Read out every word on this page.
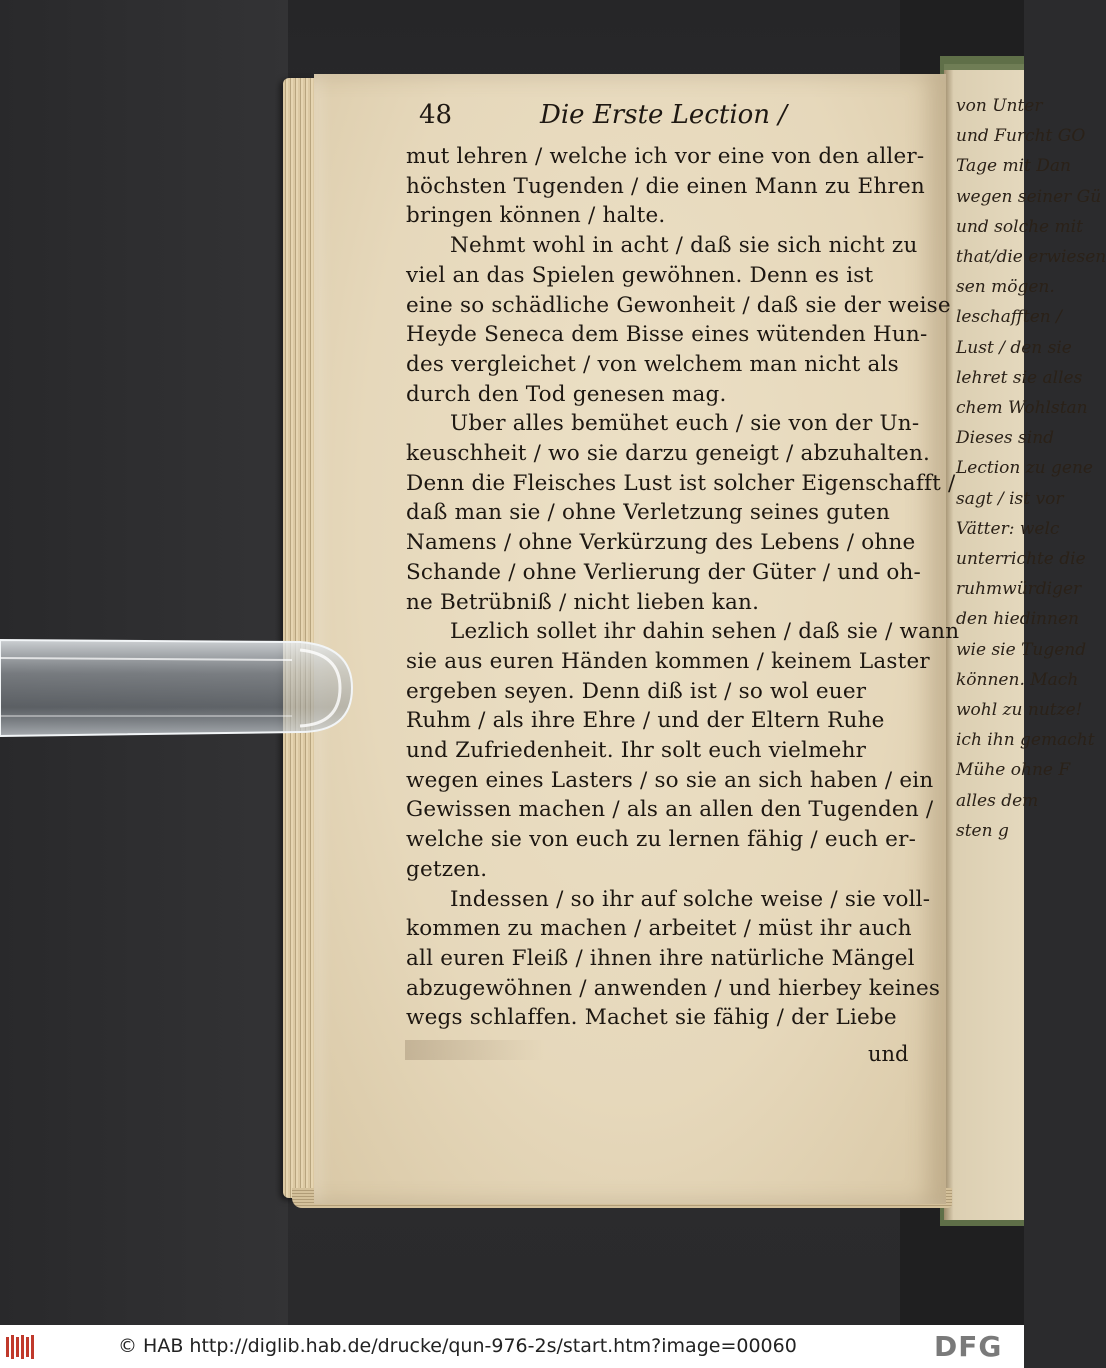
48	Die Erste Lection /
mut lehren / welche ich vor eine von den aller-
höchsten Tugenden / die einen Mann zu Ehren
bringen können / halte.
Nehmt wohl in acht / daß sie sich nicht zu
viel an das Spielen gewöhnen. Denn es ist
eine so schädliche Gewonheit / daß sie der weise
Heyde Seneca dem Bisse eines wütenden Hun-
des vergleichet / von welchem man nicht als
durch den Tod genesen mag.
Uber alles bemühet euch / sie von der Un-
keuschheit / wo sie darzu geneigt / abzuhalten.
Denn die Fleisches Lust ist solcher Eigenschafft /
daß man sie / ohne Verletzung seines guten
Namens / ohne Verkürzung des Lebens / ohne
Schande / ohne Verlierung der Güter / und oh-
ne Betrübniß / nicht lieben kan.
Lezlich sollet ihr dahin sehen / daß sie / wann
sie aus euren Händen kommen / keinem Laster
ergeben seyen. Denn diß ist / so wol euer
Ruhm / als ihre Ehre / und der Eltern Ruhe
und Zufriedenheit. Ihr solt euch vielmehr
wegen eines Lasters / so sie an sich haben / ein
Gewissen machen / als an allen den Tugenden /
welche sie von euch zu lernen fähig / euch er-
getzen.
Indessen / so ihr auf solche weise / sie voll-
kommen zu machen / arbeitet / müst ihr auch
all euren Fleiß / ihnen ihre natürliche Mängel
abzugewöhnen / anwenden / und hierbey keines
wegs schlaffen. Machet sie fähig / der Liebe
von Unter
und Furcht GO
Tage mit Dan
wegen seiner Gü
und solche mit
that/die erwiesen
sen mögen.
leschafften /
Lust / den sie
lehret sie alles
chem Wohlstan
Dieses sind
Lection zu gene
sagt / ist vor
Vätter: welc
unterrichte die
ruhmwürdiger
den hiedinnen
wie sie Tugend
können. Mach
wohl zu nutze!
ich ihn gemacht
Mühe ohne F
alles dem
sten g
und
© HAB http://diglib.hab.de/drucke/qun-976-2s/start.htm?image=00060	DFG
